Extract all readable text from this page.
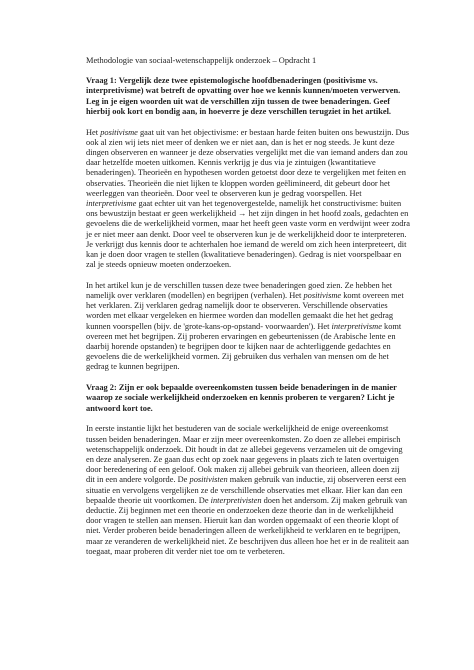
Methodologie van sociaal-wetenschappelijk onderzoek – Opdracht 1

Vraag 1: Vergelijk deze twee epistemologische hoofdbenaderingen (positivisme vs. interpretivisme) wat betreft de opvatting over hoe we kennis kunnen/moeten verwerven. Leg in je eigen woorden uit wat de verschillen zijn tussen de twee benaderingen. Geef hierbij ook kort en bondig aan, in hoeverre je deze verschillen terugziet in het artikel.

Het positivisme gaat uit van het objectivisme: er bestaan harde feiten buiten ons bewustzijn. Dus ook al zien wij iets niet meer of denken we er niet aan, dan is het er nog steeds. Je kunt deze dingen observeren en wanneer je deze observaties vergelijkt met die van iemand anders dan zou daar hetzelfde moeten uitkomen. Kennis verkrijg je dus via je zintuigen (kwantitatieve benaderingen). Theorieën en hypothesen worden getoetst door deze te vergelijken met feiten en observaties. Theorieën die niet lijken te kloppen worden geëlimineerd, dit gebeurt door het weerleggen van theorieën. Door veel te observeren kun je gedrag voorspellen. Het interpretivisme gaat echter uit van het tegenovergestelde, namelijk het constructivisme: buiten ons bewustzijn bestaat er geen werkelijkheid → het zijn dingen in het hoofd zoals, gedachten en gevoelens die de werkelijkheid vormen, maar het heeft geen vaste vorm en verdwijnt weer zodra je er niet meer aan denkt. Door veel te observeren kun je de werkelijkheid door te interpreteren. Je verkrijgt dus kennis door te achterhalen hoe iemand de wereld om zich heen interpreteert, dit kan je doen door vragen te stellen (kwalitatieve benaderingen). Gedrag is niet voorspelbaar en zal je steeds opnieuw moeten onderzoeken.

In het artikel kun je de verschillen tussen deze twee benaderingen goed zien. Ze hebben het namelijk over verklaren (modellen) en begrijpen (verhalen). Het positivisme komt overeen met het verklaren. Zij verklaren gedrag namelijk door te observeren. Verschillende observaties worden met elkaar vergeleken en hiermee worden dan modellen gemaakt die het het gedrag kunnen voorspellen (bijv. de 'grote-kans-op-opstand- voorwaarden'). Het interpretivisme komt overeen met het begrijpen. Zij proberen ervaringen en gebeurtenissen (de Arabische lente en daarbij horende opstanden) te begrijpen door te kijken naar de achterliggende gedachtes en gevoelens die de werkelijkheid vormen. Zij gebruiken dus verhalen van mensen om de het gedrag te kunnen begrijpen.

Vraag 2: Zijn er ook bepaalde overeenkomsten tussen beide benaderingen in de manier waarop ze sociale werkelijkheid onderzoeken en kennis proberen te vergaren? Licht je antwoord kort toe.

In eerste instantie lijkt het bestuderen van de sociale werkelijkheid de enige overeenkomst tussen beiden benaderingen. Maar er zijn meer overeenkomsten. Zo doen ze allebei empirisch wetenschappelijk onderzoek. Dit houdt in dat ze allebei gegevens verzamelen uit de omgeving en deze analyseren. Ze gaan dus echt op zoek naar gegevens in plaats zich te laten overtuigen door beredenering of een geloof. Ook maken zij allebei gebruik van theorieen, alleen doen zij dit in een andere volgorde. De positivisten maken gebruik van inductie, zij observeren eerst een situatie en vervolgens vergelijken ze de verschillende observaties met elkaar. Hier kan dan een bepaalde theorie uit voortkomen. De interpretivisten doen het andersom. Zij maken gebruik van deductie. Zij beginnen met een theorie en onderzoeken deze theorie dan in de werkelijkheid door vragen te stellen aan mensen. Hieruit kan dan worden opgemaakt of een theorie klopt of niet. Verder proberen beide benaderingen alleen de werkelijkheid te verklaren en te begrijpen, maar ze veranderen de werkelijkheid niet. Ze beschrijven dus alleen hoe het er in de realiteit aan toegaat, maar proberen dit verder niet toe om te verbeteren.
